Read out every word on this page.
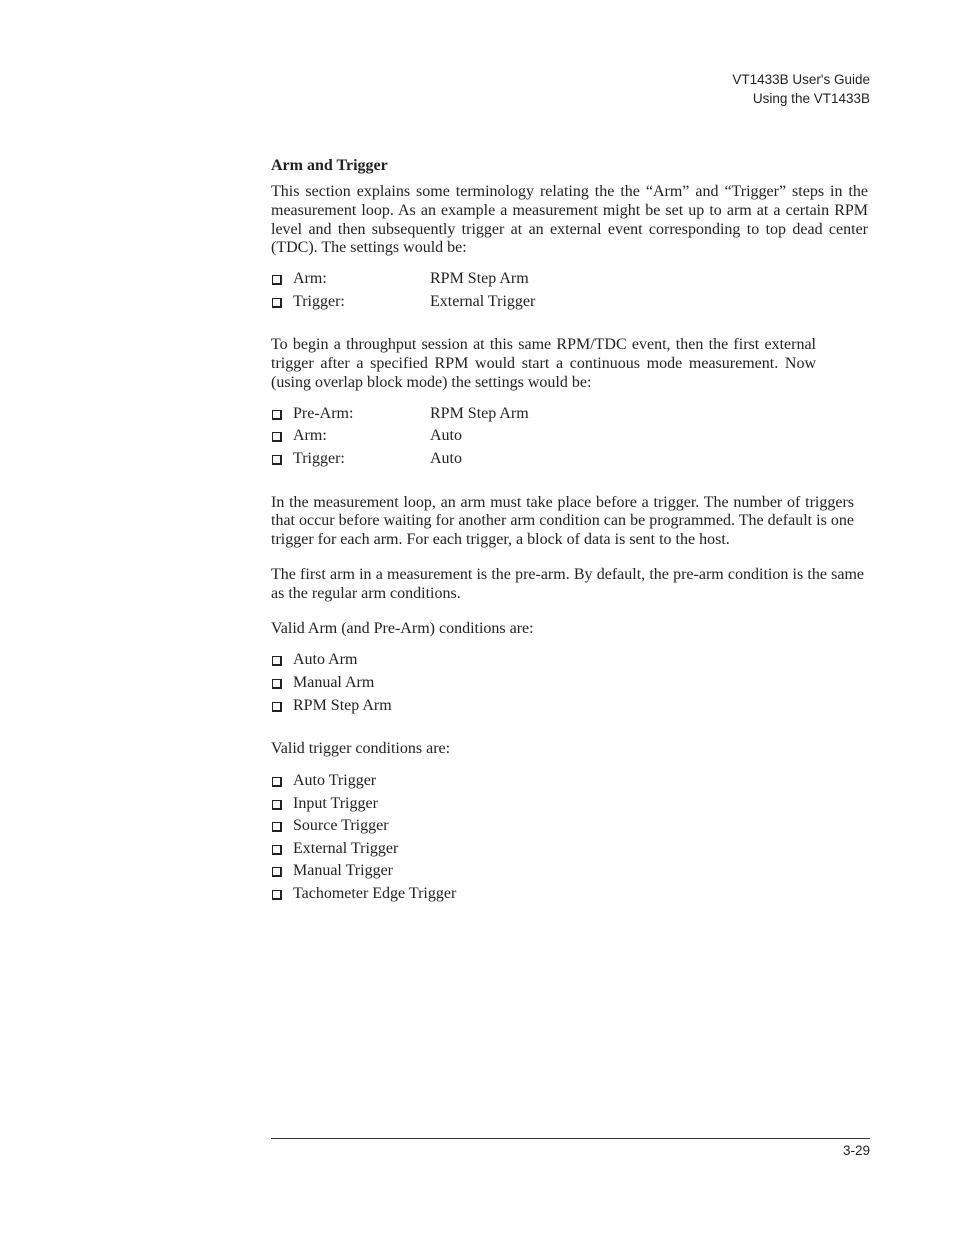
VT1433B User's Guide
Using the VT1433B
Arm and Trigger

This section explains some terminology relating the the “Arm” and “Trigger” steps in the measurement loop. As an example a measurement might be set up to arm at a certain RPM level and then subsequently trigger at an external event corresponding to top dead center (TDC). The settings would be:

Arm:	RPM Step Arm
Trigger:	External Trigger

To begin a throughput session at this same RPM/TDC event, then the first external trigger after a specified RPM would start a continuous mode measurement. Now (using overlap block mode) the settings would be:

Pre-Arm:	RPM Step Arm
Arm:	Auto
Trigger:	Auto

In the measurement loop, an arm must take place before a trigger. The number of triggers that occur before waiting for another arm condition can be programmed. The default is one trigger for each arm. For each trigger, a block of data is sent to the host.

The first arm in a measurement is the pre-arm. By default, the pre-arm condition is the same as the regular arm conditions.

Valid Arm (and Pre-Arm) conditions are:

Auto Arm
Manual Arm
RPM Step Arm

Valid trigger conditions are:

Auto Trigger
Input Trigger
Source Trigger
External Trigger
Manual Trigger
Tachometer Edge Trigger
3-29
